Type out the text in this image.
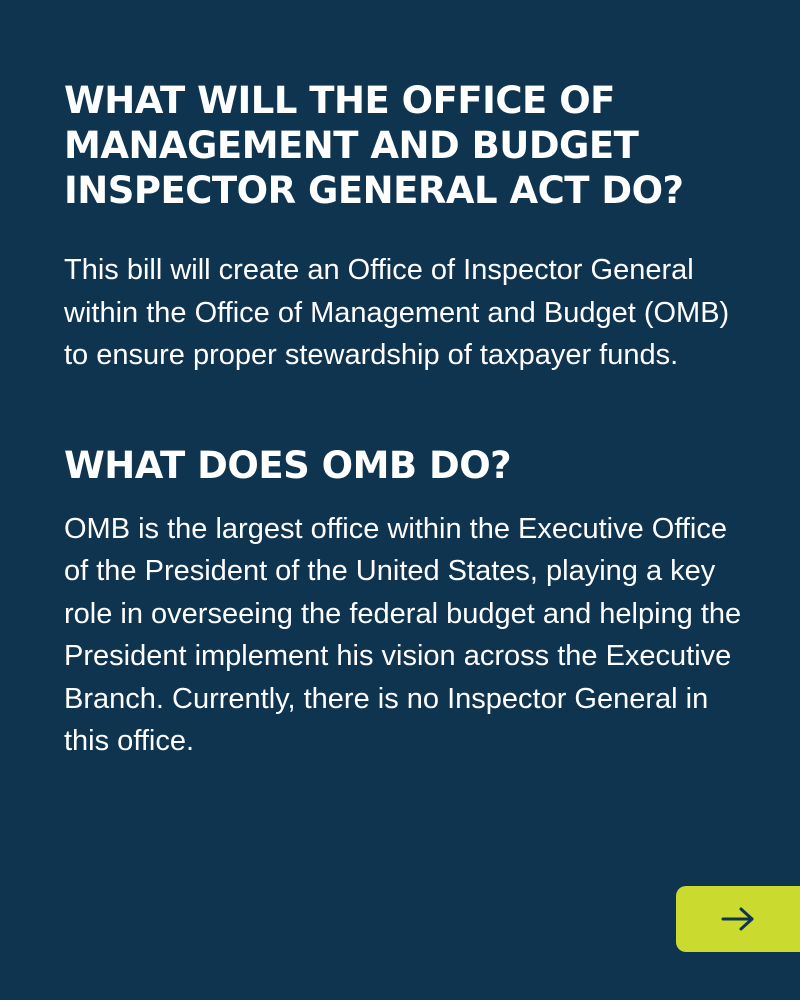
WHAT WILL THE OFFICE OF MANAGEMENT AND BUDGET INSPECTOR GENERAL ACT DO?

This bill will create an Office of Inspector General within the Office of Management and Budget (OMB) to ensure proper stewardship of taxpayer funds.

WHAT DOES OMB DO?

OMB is the largest office within the Executive Office of the President of the United States, playing a key role in overseeing the federal budget and helping the President implement his vision across the Executive Branch. Currently, there is no Inspector General in this office.
